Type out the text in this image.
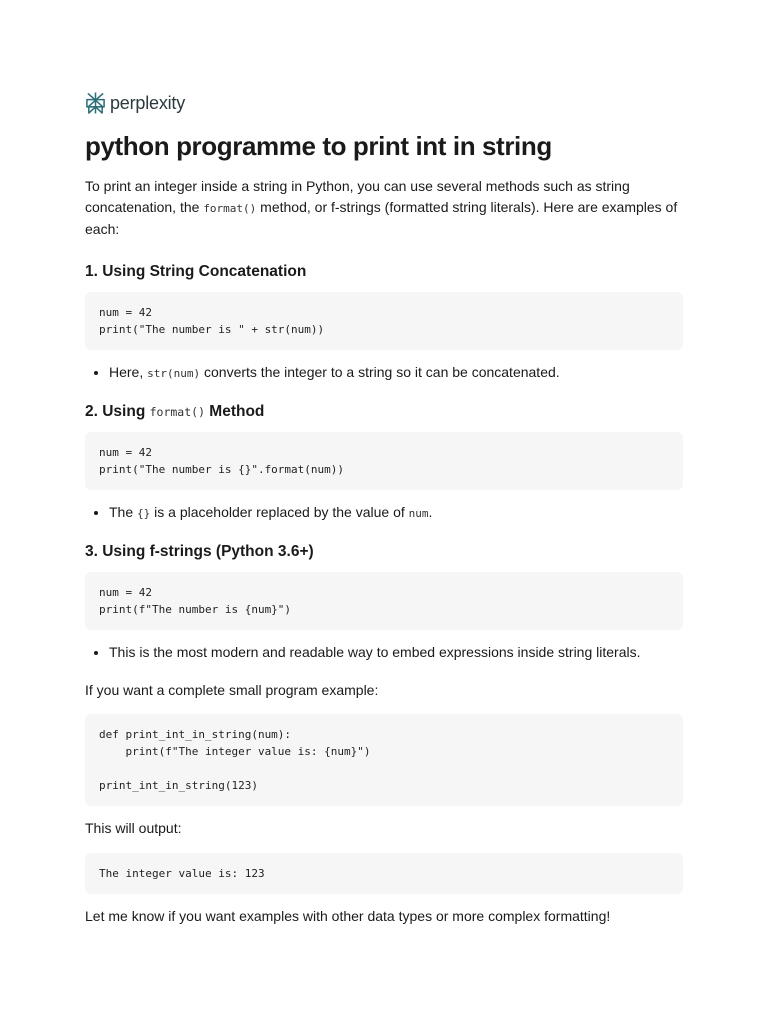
perplexity
python programme to print int in string

To print an integer inside a string in Python, you can use several methods such as string concatenation, the format() method, or f-strings (formatted string literals). Here are examples of each:

1. Using String Concatenation
num = 42
print("The number is " + str(num))
• Here, str(num) converts the integer to a string so it can be concatenated.
2. Using format() Method
num = 42
print("The number is {}".format(num))
• The {} is a placeholder replaced by the value of num.
3. Using f-strings (Python 3.6+)
num = 42
print(f"The number is {num}")
• This is the most modern and readable way to embed expressions inside string literals.

If you want a complete small program example:

def print_int_in_string(num):
print(f"The integer value is: {num}")

print_int_in_string(123)

This will output:

The integer value is: 123

Let me know if you want examples with other data types or more complex formatting!
